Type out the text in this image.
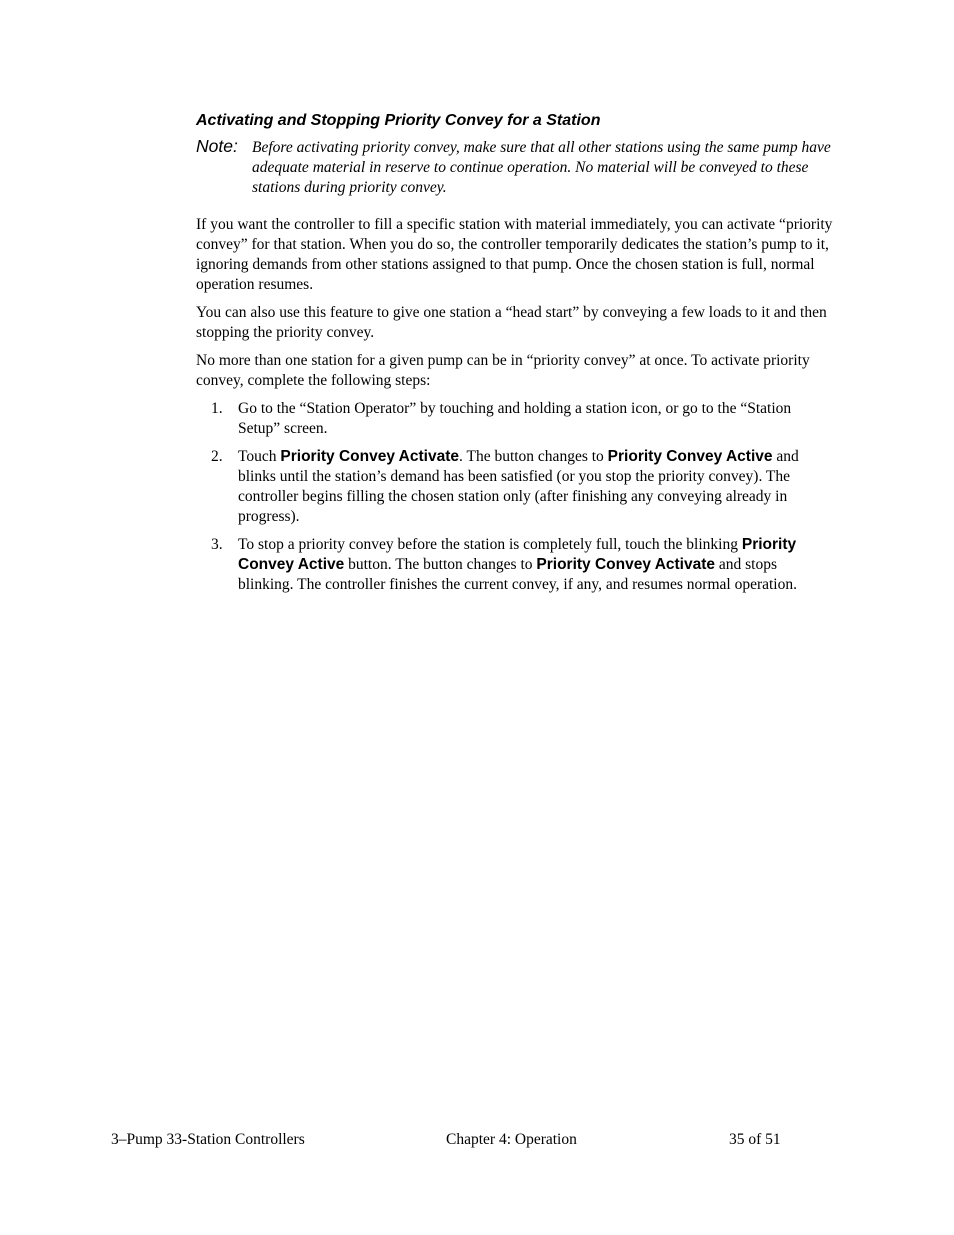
Activating and Stopping Priority Convey for a Station
Note: Before activating priority convey, make sure that all other stations using the same pump have adequate material in reserve to continue operation. No material will be conveyed to these stations during priority convey.

If you want the controller to fill a specific station with material immediately, you can activate “priority convey” for that station. When you do so, the controller temporarily dedicates the station’s pump to it, ignoring demands from other stations assigned to that pump. Once the chosen station is full, normal operation resumes.

You can also use this feature to give one station a “head start” by conveying a few loads to it and then stopping the priority convey.

No more than one station for a given pump can be in “priority convey” at once. To activate priority convey, complete the following steps:

1. Go to the “Station Operator” by touching and holding a station icon, or go to the “Station Setup” screen.
2. Touch Priority Convey Activate. The button changes to Priority Convey Active and blinks until the station’s demand has been satisfied (or you stop the priority convey). The controller begins filling the chosen station only (after finishing any conveying already in progress).
3. To stop a priority convey before the station is completely full, touch the blinking Priority Convey Active button. The button changes to Priority Convey Activate and stops blinking. The controller finishes the current convey, if any, and resumes normal operation.
3–Pump 33-Station Controllers	Chapter 4: Operation	35 of 51
